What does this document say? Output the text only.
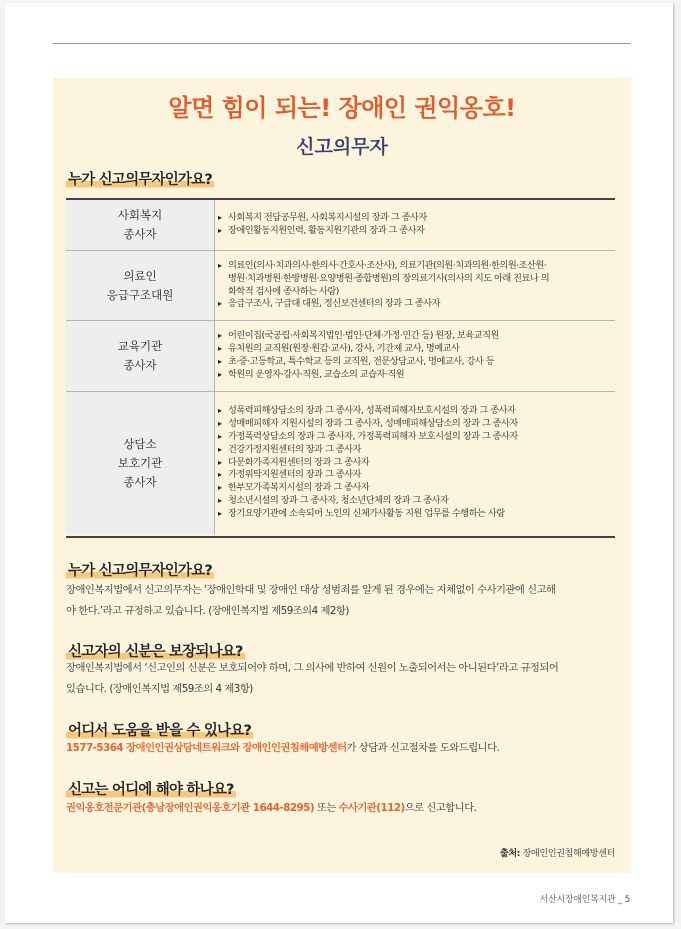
알면 힘이 되는! 장애인 권익옹호!
신고의무자
누가 신고의무자인가요?
사회복지
종사자
▸ 사회복지 전담공무원, 사회복지시설의 장과 그 종사자
▸ 장애인활동지원인력, 활동지원기관의 장과 그 종사자
의료인
응급구조대원
▸ 의료인(의사·치과의사·한의사·간호사·조산사), 의료기관(의원·치과의원·한의원·조산원·
병원·치과병원·한방병원·요양병원·종합병원)의 장의료기사(의사의 지도 아래 진료나 의
화학적 검사에 종사하는 사람)
▸ 응급구조사, 구급대 대원, 정신보건센터의 장과 그 종사자
교육기관
종사자
▸ 어린이집(국공립·사회복지법인·법인·단체·가정·민간 등) 원장, 보육교직원
▸ 유치원의 교직원(원장·원감·교사), 강사, 기간제 교사, 명예교사
▸ 초·중·고등학교, 특수학교 등의 교직원, 전문상담교사, 명예교사, 강사 등
▸ 학원의 운영자·강사·직원, 교습소의 교습자·직원
상담소
보호기관
종사자
▸ 성폭력피해상담소의 장과 그 종사자, 성폭력피해자보호시설의 장과 그 종사자
▸ 성매매피해자 지원시설의 장과 그 종사자, 성매매피해상담소의 장과 그 종사자
▸ 가정폭력상담소의 장과 그 종사자, 가정폭력피해자 보호시설의 장과 그 종사자
▸ 건강가정지원센터의 장과 그 종사자
▸ 다문화가족지원센터의 장과 그 종사자
▸ 가정위탁지원센터의 장과 그 종사자
▸ 한부모가족복지시설의 장과 그 종사자
▸ 청소년시설의 장과 그 종사자, 청소년단체의 장과 그 종사자
▸ 장기요양기관에 소속되어 노인의 신체가사활동 지원 업무를 수행하는 사람
누가 신고의무자인가요?
장애인복지법에서 신고의무자는 ‘장애인학대 및 장애인 대상 성범죄를 알게 된 경우에는 지체없이 수사기관에 신고해
야 한다.’라고 규정하고 있습니다. (장애인복지법 제59조의4 제2항)
신고자의 신분은 보장되나요?
장애인복지법에서 ‘신고인의 신분은 보호되어야 하며, 그 의사에 반하여 신원이 노출되어서는 아니된다’라고 규정되어
있습니다. (장애인복지법 제59조의 4 제3항)
어디서 도움을 받을 수 있나요?
1577-5364 장애인인권상담네트워크와 장애인인권침해예방센터가 상담과 신고절차를 도와드립니다.
신고는 어디에 해야 하나요?
권익옹호전문기관(충남장애인권익옹호기관 1644-8295) 또는 수사기관(112)으로 신고합니다.
출처: 장애인인권침해예방센터
서산시장애인복지관 _ 5
